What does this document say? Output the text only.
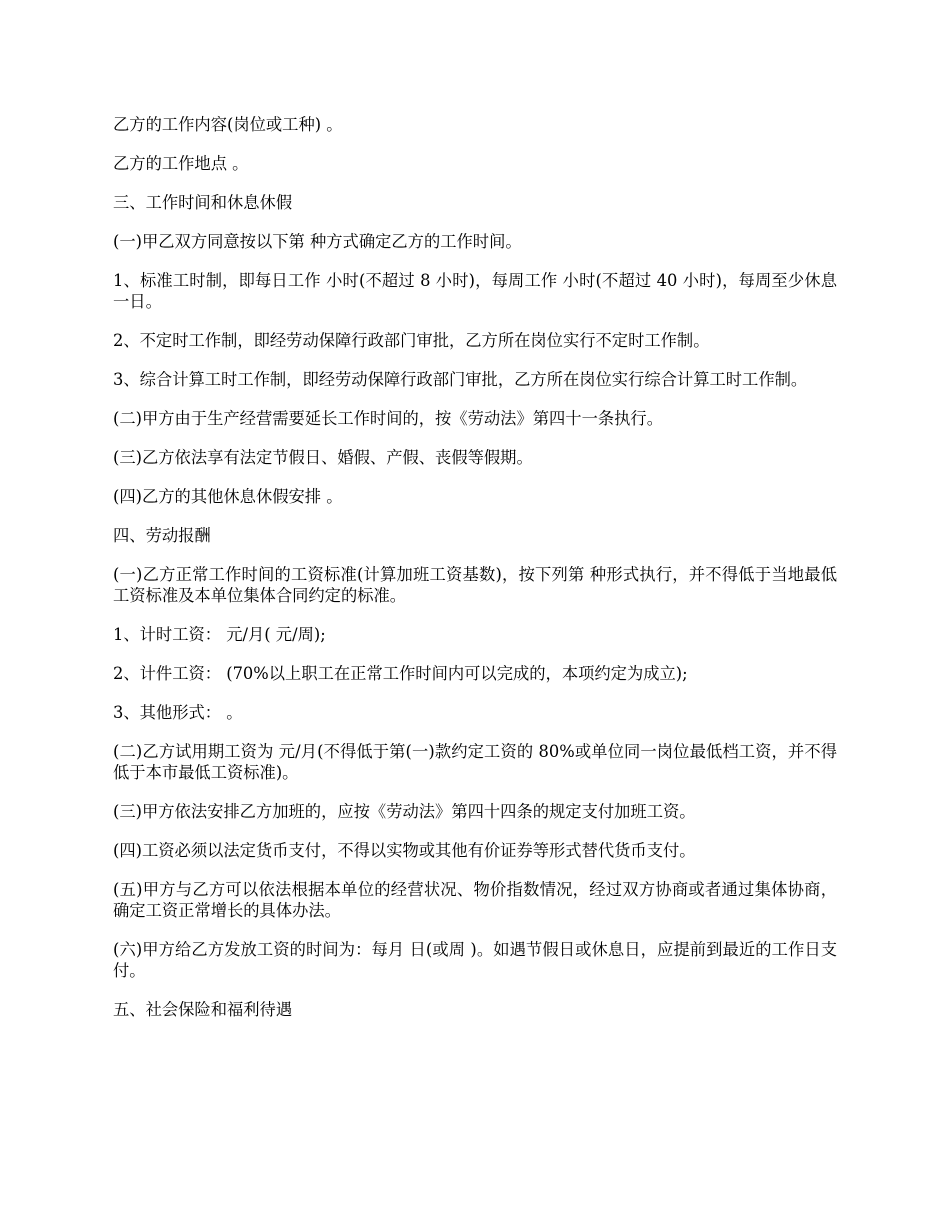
乙方的工作内容(岗位或工种) 。

乙方的工作地点 。

三、工作时间和休息休假

(一)甲乙双方同意按以下第 种方式确定乙方的工作时间。

1、标准工时制，即每日工作 小时(不超过 8 小时)，每周工作 小时(不超过 40 小时)，每周至少休息一日。

2、不定时工作制，即经劳动保障行政部门审批，乙方所在岗位实行不定时工作制。

3、综合计算工时工作制，即经劳动保障行政部门审批，乙方所在岗位实行综合计算工时工作制。

(二)甲方由于生产经营需要延长工作时间的，按《劳动法》第四十一条执行。

(三)乙方依法享有法定节假日、婚假、产假、丧假等假期。

(四)乙方的其他休息休假安排 。

四、劳动报酬

(一)乙方正常工作时间的工资标准(计算加班工资基数)，按下列第 种形式执行，并不得低于当地最低工资标准及本单位集体合同约定的标准。

1、计时工资： 元/月( 元/周);

2、计件工资： (70%以上职工在正常工作时间内可以完成的，本项约定为成立);

3、其他形式： 。

(二)乙方试用期工资为 元/月(不得低于第(一)款约定工资的 80%或单位同一岗位最低档工资，并不得低于本市最低工资标准)。

(三)甲方依法安排乙方加班的，应按《劳动法》第四十四条的规定支付加班工资。

(四)工资必须以法定货币支付，不得以实物或其他有价证券等形式替代货币支付。

(五)甲方与乙方可以依法根据本单位的经营状况、物价指数情况，经过双方协商或者通过集体协商，确定工资正常增长的具体办法。

(六)甲方给乙方发放工资的时间为：每月 日(或周 )。如遇节假日或休息日，应提前到最近的工作日支付。

五、社会保险和福利待遇
